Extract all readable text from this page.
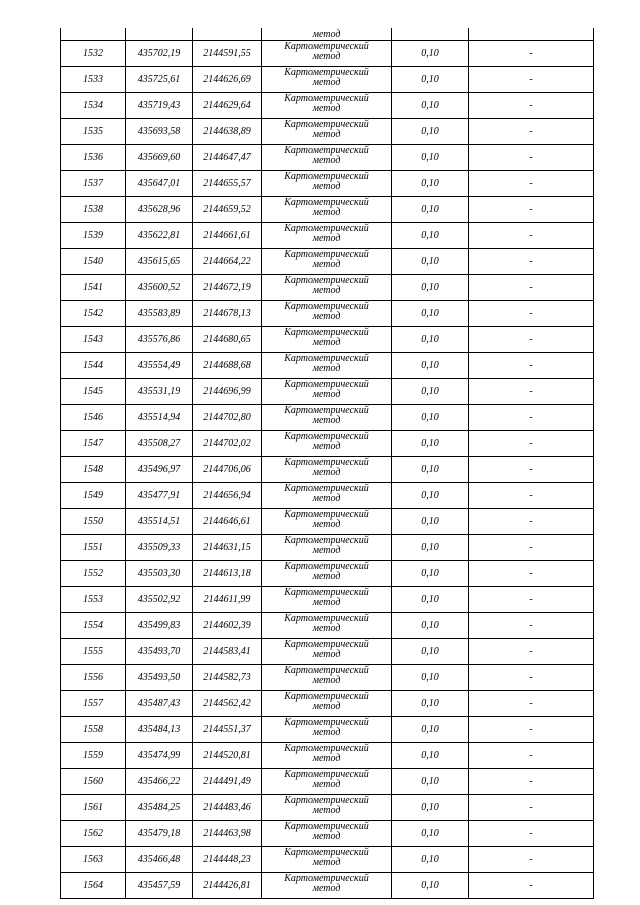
			метод		

1532	435702,19	2144591,55	Картометрический
метод	0,10	-
1533	435725,61	2144626,69	Картометрический
метод	0,10	-
1534	435719,43	2144629,64	Картометрический
метод	0,10	-
1535	435693,58	2144638,89	Картометрический
метод	0,10	-
1536	435669,60	2144647,47	Картометрический
метод	0,10	-
1537	435647,01	2144655,57	Картометрический
метод	0,10	-
1538	435628,96	2144659,52	Картометрический
метод	0,10	-
1539	435622,81	2144661,61	Картометрический
метод	0,10	-
1540	435615,65	2144664,22	Картометрический
метод	0,10	-
1541	435600,52	2144672,19	Картометрический
метод	0,10	-
1542	435583,89	2144678,13	Картометрический
метод	0,10	-
1543	435576,86	2144680,65	Картометрический
метод	0,10	-
1544	435554,49	2144688,68	Картометрический
метод	0,10	-
1545	435531,19	2144696,99	Картометрический
метод	0,10	-
1546	435514,94	2144702,80	Картометрический
метод	0,10	-
1547	435508,27	2144702,02	Картометрический
метод	0,10	-
1548	435496,97	2144706,06	Картометрический
метод	0,10	-
1549	435477,91	2144656,94	Картометрический
метод	0,10	-
1550	435514,51	2144646,61	Картометрический
метод	0,10	-
1551	435509,33	2144631,15	Картометрический
метод	0,10	-
1552	435503,30	2144613,18	Картометрический
метод	0,10	-
1553	435502,92	2144611,99	Картометрический
метод	0,10	-
1554	435499,83	2144602,39	Картометрический
метод	0,10	-
1555	435493,70	2144583,41	Картометрический
метод	0,10	-
1556	435493,50	2144582,73	Картометрический
метод	0,10	-
1557	435487,43	2144562,42	Картометрический
метод	0,10	-
1558	435484,13	2144551,37	Картометрический
метод	0,10	-
1559	435474,99	2144520,81	Картометрический
метод	0,10	-
1560	435466,22	2144491,49	Картометрический
метод	0,10	-
1561	435484,25	2144483,46	Картометрический
метод	0,10	-
1562	435479,18	2144463,98	Картометрический
метод	0,10	-
1563	435466,48	2144448,23	Картометрический
метод	0,10	-
1564	435457,59	2144426,81	Картометрический
метод	0,10	-
